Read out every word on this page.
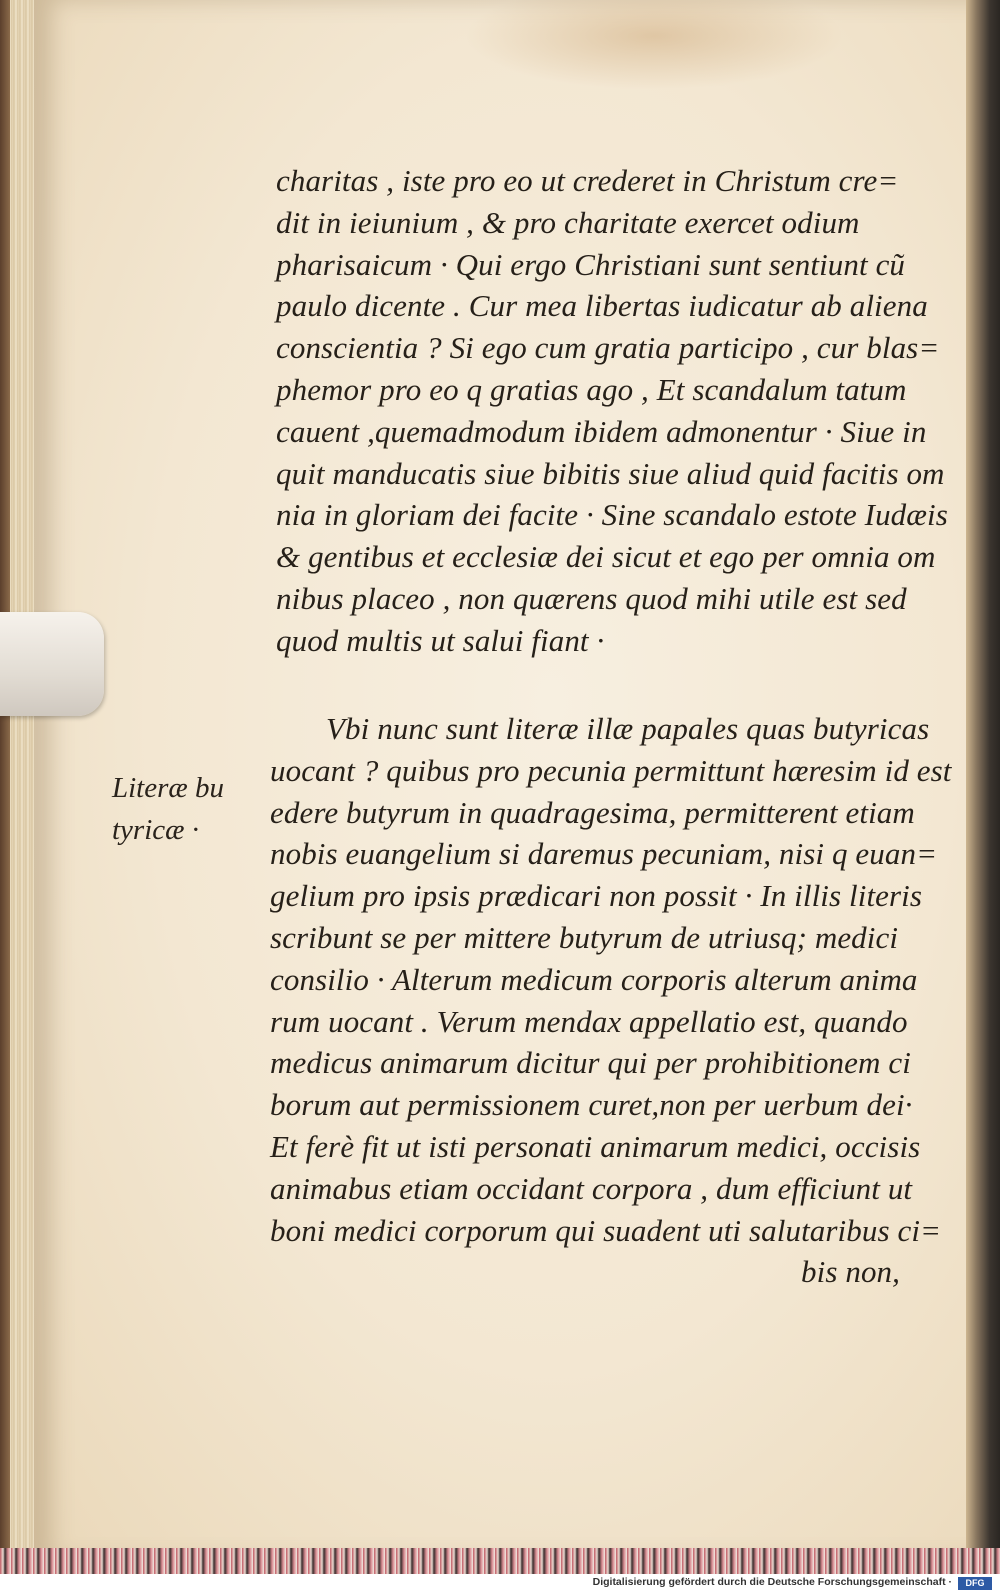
charitas , iste pro eo ut crederet in Christum cre=
dit in ieiunium , & pro charitate exercet odium
pharisaicum · Qui ergo Christiani sunt sentiunt cũ
paulo dicente . Cur mea libertas iudicatur ab aliena
conscientia ? Si ego cum gratia participo , cur blas=
phemor pro eo q gratias ago , Et scandalum tatum
cauent ,quemadmodum ibidem admonentur · Siue in
quit manducatis siue bibitis siue aliud quid facitis om
nia in gloriam dei facite · Sine scandalo estote Iudæis
& gentibus et ecclesiæ dei sicut et ego per omnia om
nibus placeo , non quærens quod mihi utile est sed
quod multis ut salui fiant ·
Vbi nunc sunt literæ illæ papales quas butyricas
uocant ? quibus pro pecunia permittunt hæresim id est
edere butyrum in quadragesima, permitterent etiam
nobis euangelium si daremus pecuniam, nisi q euan=
gelium pro ipsis prædicari non possit · In illis literis
scribunt se per mittere butyrum de utriusq; medici
consilio · Alterum medicum corporis alterum anima
rum uocant . Verum mendax appellatio est, quando
medicus animarum dicitur qui per prohibitionem ci
borum aut permissionem curet,non per uerbum dei·
Et ferè fit ut isti personati animarum medici, occisis
animabus etiam occidant corpora , dum efficiunt ut
boni medici corporum qui suadent uti salutaribus ci=
bis non,
Literæ bu
tyricæ ·
Digitalisierung gefördert durch die Deutsche Forschungsgemeinschaft ·	DFG
